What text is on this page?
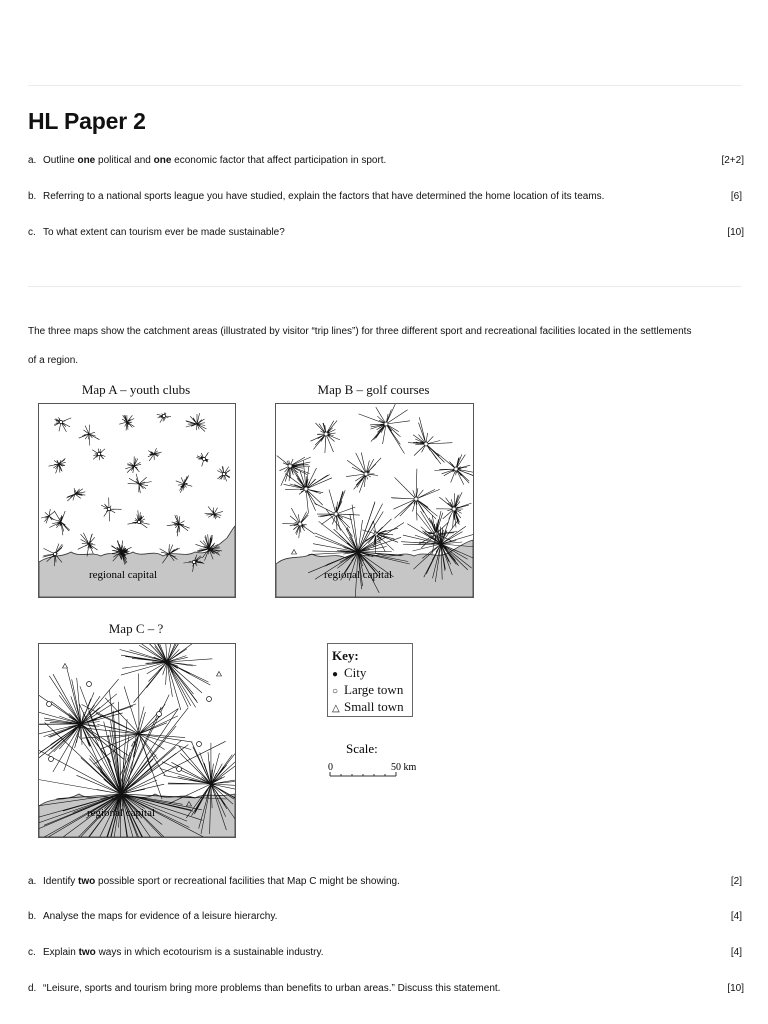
HL Paper 2
a. Outline one political and one economic factor that affect participation in sport.	[2+2]
b. Referring to a national sports league you have studied, explain the factors that have determined the home location of its teams.	[6]
c. To what extent can tourism ever be made sustainable?	[10]
The three maps show the catchment areas (illustrated by visitor “trip lines”) for three different sport and recreational facilities located in the settlements
of a region.
Map A – youth clubs	Map B – golf courses
Map C – ?
regional capital	regional capital
regional capital
Key:
● City
○ Large town
△ Small town
Scale:
0	50 km
a. Identify two possible sport or recreational facilities that Map C might be showing.	[2]
b. Analyse the maps for evidence of a leisure hierarchy.	[4]
c. Explain two ways in which ecotourism is a sustainable industry.	[4]
d. “Leisure, sports and tourism bring more problems than benefits to urban areas.” Discuss this statement.	[10]
